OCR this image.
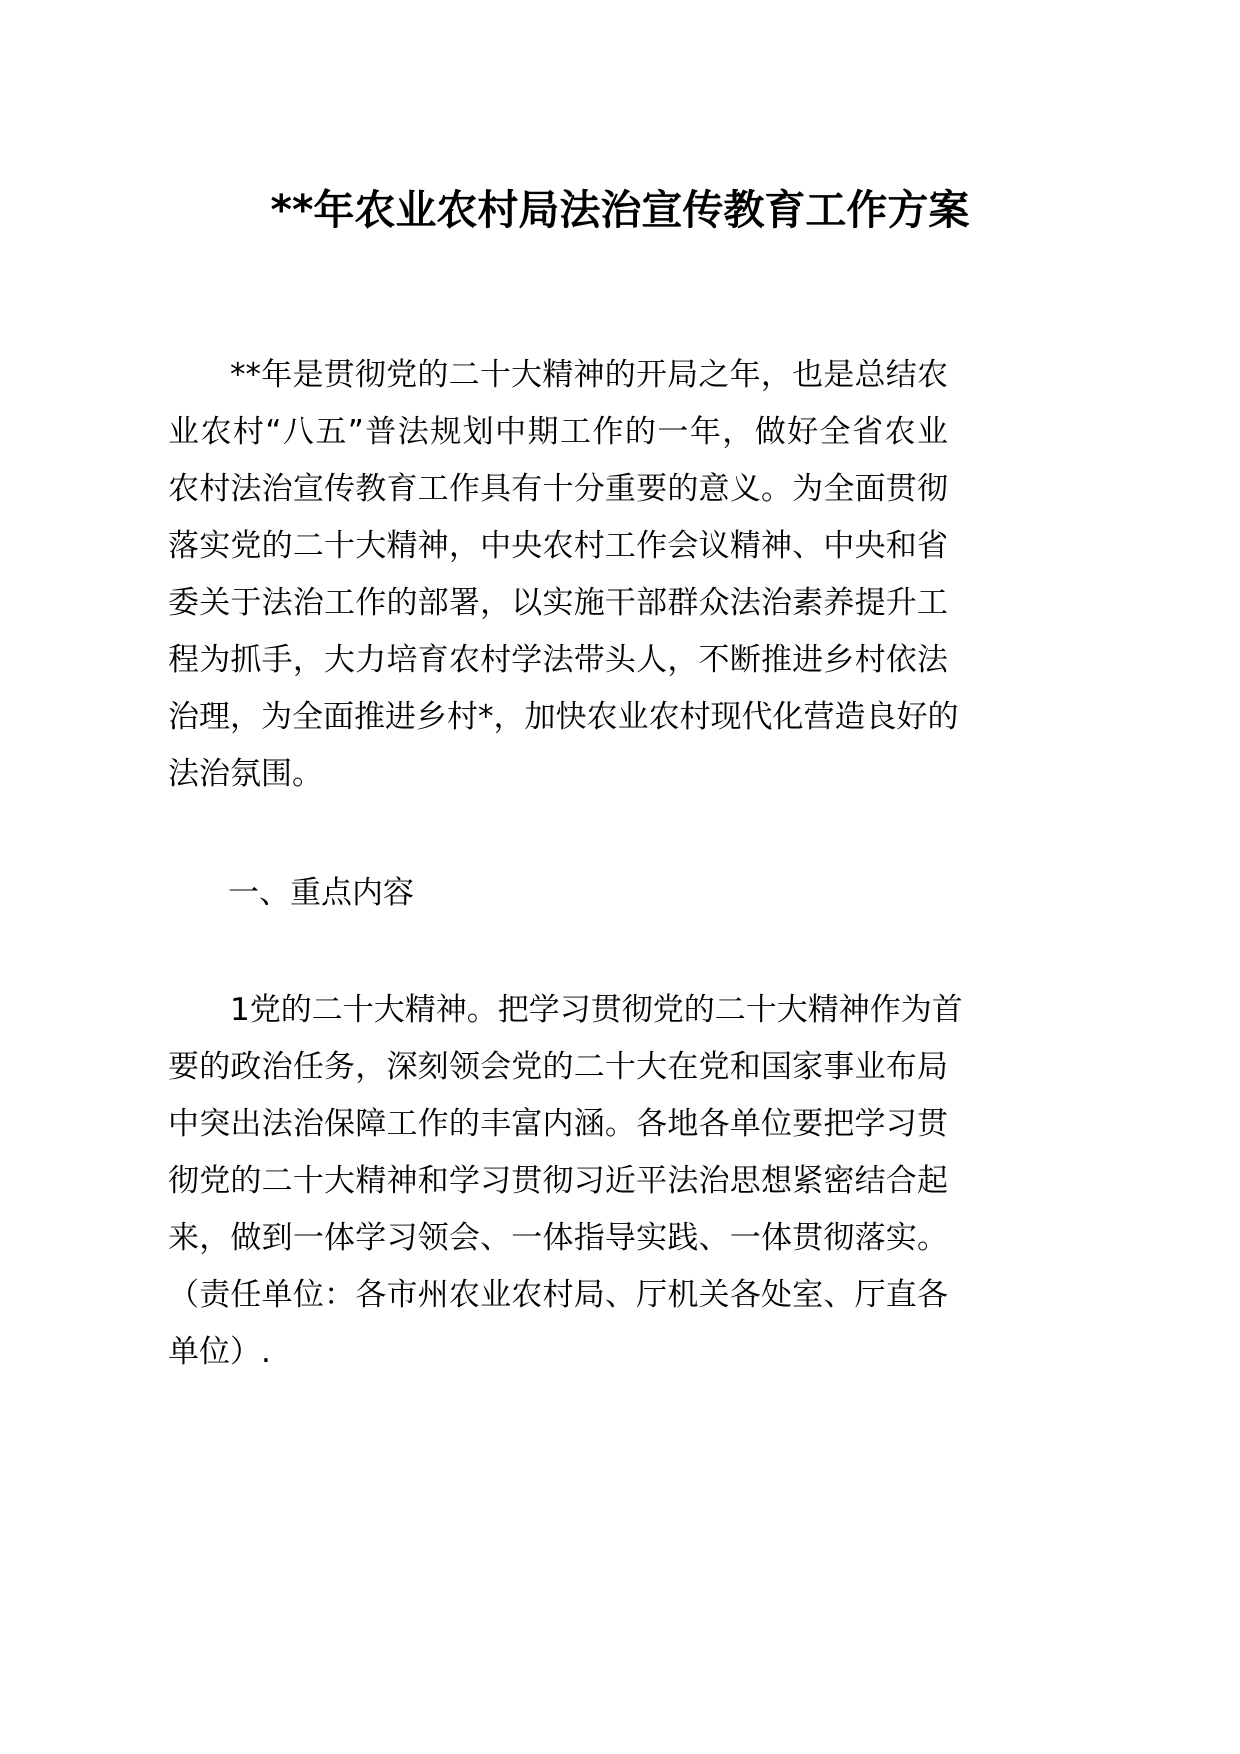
**年农业农村局法治宣传教育工作方案
**年是贯彻党的二十大精神的开局之年，也是总结农
业农村“八五”普法规划中期工作的一年，做好全省农业
农村法治宣传教育工作具有十分重要的意义。为全面贯彻
落实党的二十大精神，中央农村工作会议精神、中央和省
委关于法治工作的部署，以实施干部群众法治素养提升工
程为抓手，大力培育农村学法带头人，不断推进乡村依法
治理，为全面推进乡村*，加快农业农村现代化营造良好的
法治氛围。
一、重点内容
1党的二十大精神。把学习贯彻党的二十大精神作为首
要的政治任务，深刻领会党的二十大在党和国家事业布局
中突出法治保障工作的丰富内涵。各地各单位要把学习贯
彻党的二十大精神和学习贯彻习近平法治思想紧密结合起
来，做到一体学习领会、一体指导实践、一体贯彻落实。
（责任单位：各市州农业农村局、厅机关各处室、厅直各
单位）.
